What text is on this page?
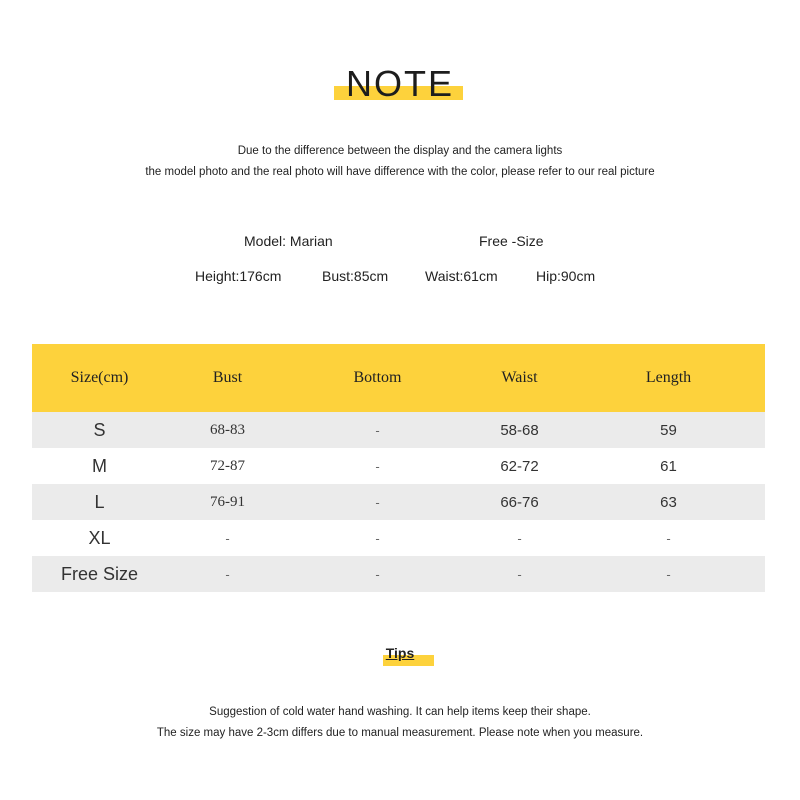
NOTE
Due to the difference between the display and the camera lights
the model photo and the real photo will have difference with the color, please refer to our real picture
Model: Marian	Free -Size
Height:176cm	Bust:85cm	Waist:61cm	Hip:90cm
Size(cm)	Bust	Bottom	Waist	Length
S	68-83	-	58-68	59
M	72-87	-	62-72	61
L	76-91	-	66-76	63
XL	-	-	-	-
Free Size	-	-	-	-
Tips
Suggestion of cold water hand washing. It can help items keep their shape.
The size may have 2-3cm differs due to manual measurement. Please note when you measure.
